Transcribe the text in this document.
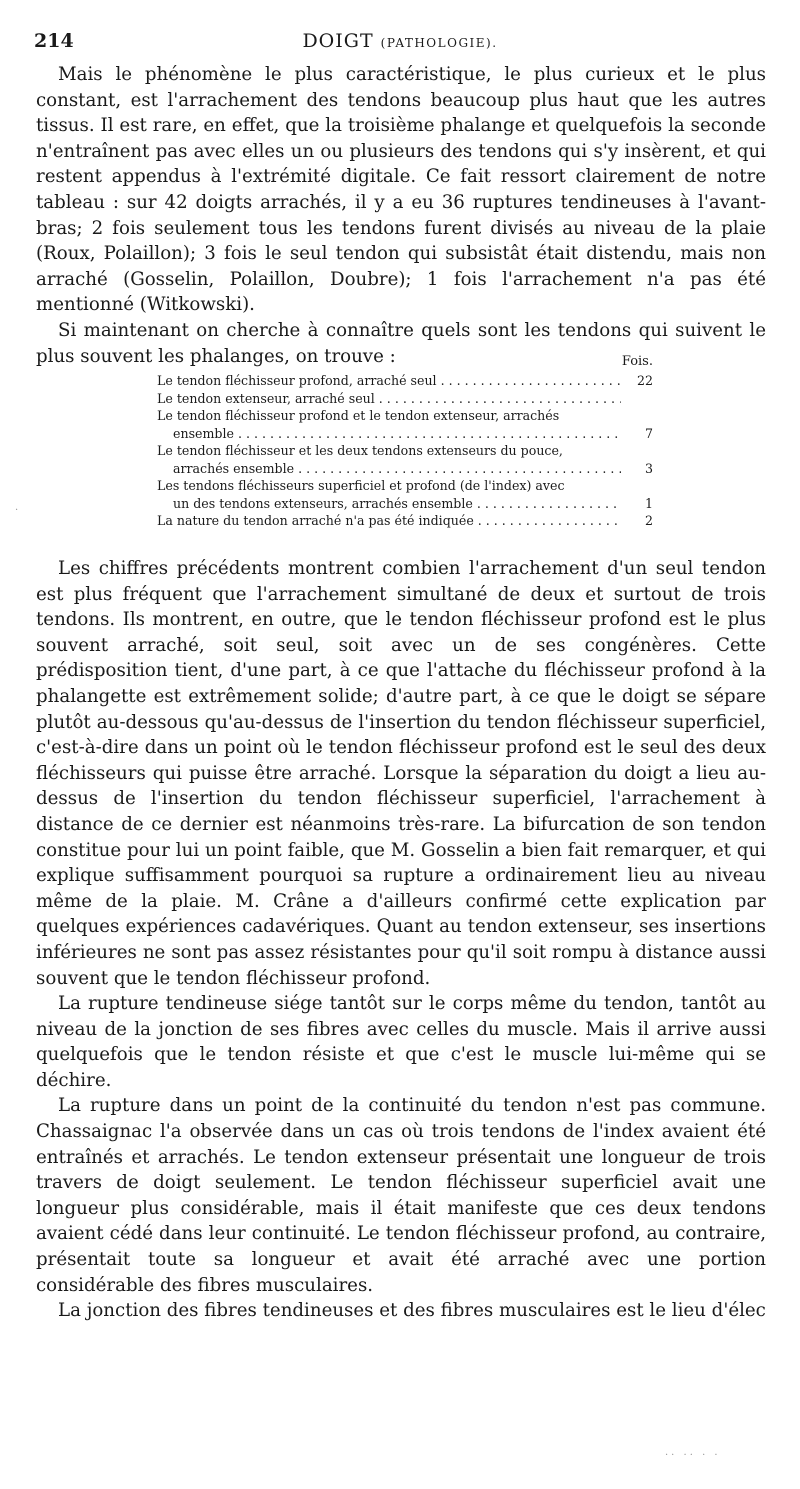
214	DOIGT (PATHOLOGIE).

Mais le phénomène le plus caractéristique, le plus curieux et le plus constant, est l'arrachement des tendons beaucoup plus haut que les autres tissus. Il est rare, en effet, que la troisième phalange et quelquefois la seconde n'entraînent pas avec elles un ou plusieurs des tendons qui s'y insèrent, et qui restent appendus à l'extrémité digitale. Ce fait ressort clairement de notre tableau : sur 42 doigts arrachés, il y a eu 36 ruptures tendineuses à l'avant-bras; 2 fois seulement tous les tendons furent divisés au niveau de la plaie (Roux, Polaillon); 3 fois le seul tendon qui subsistât était distendu, mais non arraché (Gosselin, Polaillon, Doubre); 1 fois l'arrachement n'a pas été mentionné (Witkowski).

Si maintenant on cherche à connaître quels sont les tendons qui suivent le plus souvent les phalanges, on trouve :	Fois.
Le tendon fléchisseur profond, arraché seul . . .	22
Le tendon extenseur, arraché seul . . .
Le tendon fléchisseur profond et le tendon extenseur, arrachés
ensemble . . .	7
Le tendon fléchisseur et les deux tendons extenseurs du pouce,
arrachés ensemble . . .	3
Les tendons fléchisseurs superficiel et profond (de l'index) avec
un des tendons extenseurs, arrachés ensemble . . .	1
La nature du tendon arraché n'a pas été indiquée . . .	2

Les chiffres précédents montrent combien l'arrachement d'un seul tendon est plus fréquent que l'arrachement simultané de deux et surtout de trois tendons. Ils montrent, en outre, que le tendon fléchisseur profond est le plus souvent arraché, soit seul, soit avec un de ses congénères. Cette prédisposition tient, d'une part, à ce que l'attache du fléchisseur profond à la phalangette est extrêmement solide; d'autre part, à ce que le doigt se sépare plutôt au-dessous qu'au-dessus de l'insertion du tendon fléchisseur superficiel, c'est-à-dire dans un point où le tendon fléchisseur profond est le seul des deux fléchisseurs qui puisse être arraché. Lorsque la séparation du doigt a lieu au-dessus de l'insertion du tendon fléchisseur superficiel, l'arrachement à distance de ce dernier est néanmoins très-rare. La bifurcation de son tendon constitue pour lui un point faible, que M. Gosselin a bien fait remarquer, et qui explique suffisamment pourquoi sa rupture a ordinairement lieu au niveau même de la plaie. M. Crâne a d'ailleurs confirmé cette explication par quelques expériences cadavériques. Quant au tendon extenseur, ses insertions inférieures ne sont pas assez résistantes pour qu'il soit rompu à distance aussi souvent que le tendon fléchisseur profond.

La rupture tendineuse siége tantôt sur le corps même du tendon, tantôt au niveau de la jonction de ses fibres avec celles du muscle. Mais il arrive aussi quelquefois que le tendon résiste et que c'est le muscle lui-même qui se déchire.

La rupture dans un point de la continuité du tendon n'est pas commune. Chassaignac l'a observée dans un cas où trois tendons de l'index avaient été entraînés et arrachés. Le tendon extenseur présentait une longueur de trois travers de doigt seulement. Le tendon fléchisseur superficiel avait une longueur plus considérable, mais il était manifeste que ces deux tendons avaient cédé dans leur continuité. Le tendon fléchisseur profond, au contraire, présentait toute sa longueur et avait été arraché avec une portion considérable des fibres musculaires.

La jonction des fibres tendineuses et des fibres musculaires est le lieu d'élec

·
·· ·· · ·
